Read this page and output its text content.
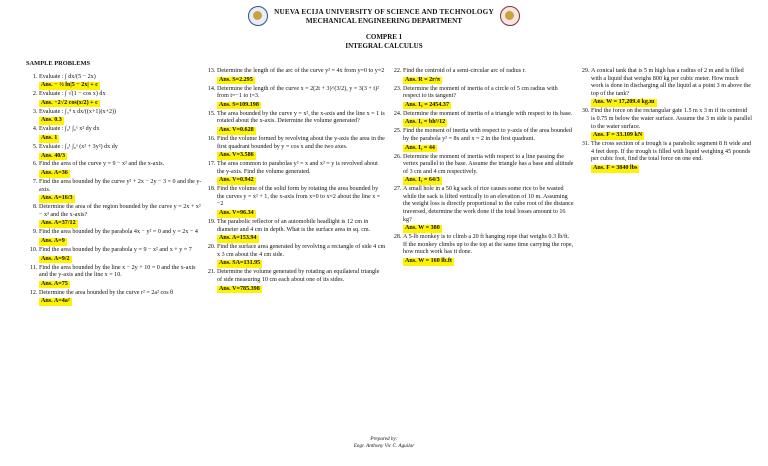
NUEVA ECIJA UNIVERSITY OF SCIENCE AND TECHNOLOGY
MECHANICAL ENGINEERING DEPARTMENT
COMPRE 1
INTEGRAL CALCULUS
SAMPLE PROBLEMS
1. Evaluate : ∫ dx/(5 − 2x)
Ans. − ½ ln|5 − 2x| + c
2. Evaluate : ∫ √(1 − cos x) dx
Ans. −2√2 cos(x/2) + c
3. Evaluate : ∫₃⁴ x dx/((x+1)(x+2))
Ans. 0.3
4. Evaluate : ∫₀¹ ∫₀ˣ x² dy dx
Ans. 1
5. Evaluate : ∫₀¹ ∫₀ˣ (x² + 3y²) dx dy
Ans. 40/3
6. Find the area of the curve y = 9 − x² and the x-axis.
Ans. A=36
7. Find the area bounded by the curve y² + 2x − 2y − 3 = 0 and the y-axis.
Ans. A=16/3
8. Determine the area of the region bounded by the curve y = 2x + x² − x³ and the x-axis?
Ans. A=37/12
9. Find the area bounded by the parabola 4x − y² = 0 and y = 2x − 4
Ans. A=9
10. Find the area bounded by the parabola y = 9 − x² and x + y = 7
Ans. A=9/2
11. Find the area bounded by the line x − 2y + 10 = 0 and the x-axis and the y-axis and the line x = 10.
Ans. A=75
12. Determine the area bounded by the curve r² = 2a² cos θ
Ans. A=4a²
13. Determine the length of the arc of the curve y² = 4x from y=0 to y=2
Ans. S=2.295
14. Determine the length of the curve x = 2(2t + 3)^(3/2), y = 3(3 + t)² from t=−1 to t=3.
Ans. S=109.198
15. The area bounded by the curve y = x², the x-axis and the line x = 1 is rotated about the x-axis. Determine the volume generated?
Ans. V=0.628
16. Find the volume formed by revolving about the y-axis the area in the first quadrant bounded by y = cos x and the two axes.
Ans. V=3.586
17. The area common to parabolas y² = x and x² = y is revolved about the y-axis. Find the volume generated.
Ans. V=0.942
18. Find the volume of the solid form by rotating the area bounded by the curves y = x² + 1, the x-axis from x=0 to x=2 about the line x = −2
Ans. V=96.34
19. The parabolic reflector of an automobile headlight is 12 cm in diameter and 4 cm in depth. What is the surface area in sq. cm.
Ans. A=153.94
20. Find the surface area generated by revolving a rectangle of side 4 cm x 3 cm about the 4 cm side.
Ans. SA=131.95
21. Determine the volume generated by rotating an equilateral triangle of side measuring 10 cm each about one of its sides.
Ans. V=785.398
22. Find the centroid of a semi-circular arc of radius r.
Ans. R = 2r/π
23. Determine the moment of inertia of a circle of 5 cm radius with respect to its tangent?
Ans. I꜀ = 2454.37
24. Determine the moment of inertia of a triangle with respect to its base.
Ans. Iₓ = bh³/12
25. Find the moment of inertia with respect to y-axis of the area bounded by the parabola y² = 8x and x = 2 in the first quadrant.
Ans. Iᵧ = 44
26. Determine the moment of inertia with respect to a line passing the vertex parallel to the base. Assume the triangle has a base and altitude of 3 cm and 4 cm respectively.
Ans. Iᵧ = 64/3
27. A small hole in a 50 kg sack of rice causes some rice to be wasted while the sack is lifted vertically to an elevation of 10 m. Assuming the weight loss is directly proportional to the cube root of the distance traversed, determine the work done if the total losses amount to 16 kg?
Ans. W = 380
28. A 5-lb monkey is to climb a 20 ft hanging rope that weighs 0.3 lb/ft. If the monkey climbs up to the top at the same time carrying the rope, how much work has it done.
Ans. W = 160 lb.ft
29. A conical tank that is 5 m high has a radius of 2 m and is filled with a liquid that weighs 800 kg per cubic meter. How much work is done in discharging all the liquid at a point 3 m above the top of the tank?
Ans. W = 17,209.4 kg.m
30. Find the force on the rectangular gate 1.5 m x 3 m if its centroid is 0.75 m below the water surface. Assume the 3 m side is parallel to the water surface.
Ans. F = 33.109 kN
31. The cross section of a trough is a parabolic segment 8 ft wide and 4 feet deep. If the trough is filled with liquid weighing 45 pounds per cubic foot, find the total force on one end.
Ans. F = 3840 lbs
Prepared by:
Engr. Anthony Vic C. Aguilar
